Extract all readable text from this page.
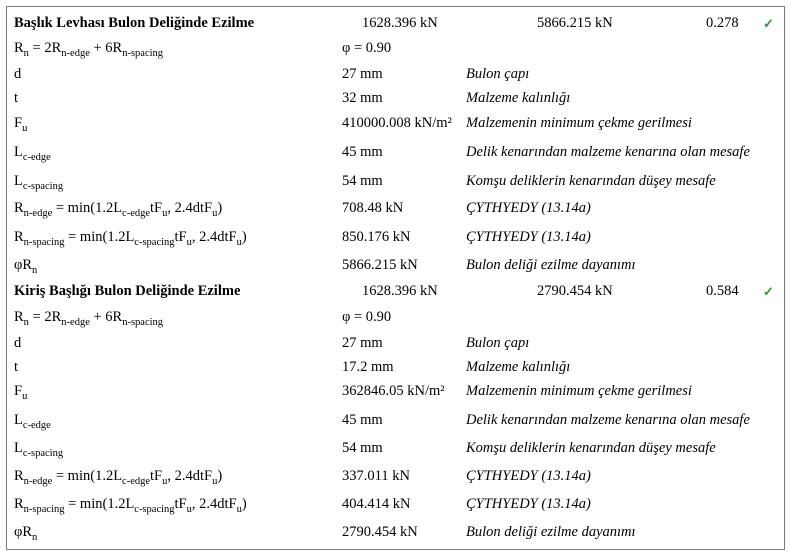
Başlık Levhası Bulon Deliğinde Ezilme	1628.396 kN	5866.215 kN	0.278 ✓
$R_n = 2R_{n-edge} + 6R_{n-spacing}$	φ = 0.90
d	27 mm	Bulon çapı
t	32 mm	Malzeme kalınlığı
$F_u$	410000.008 kN/m² Malzemenin minimum çekme gerilmesi
$L_{c-edge}$	45 mm	Delik kenarından malzeme kenarına olan mesafe
$L_{c-spacing}$	54 mm	Komşu deliklerin kenarından düşey mesafe
$R_{n-edge} = \min(1.2L_{c-edge}tF_u$, 2.4dtF$_u$)	708.48 kN	ÇYTHYEDY (13.14a)
$R_{n-spacing} = \min(1.2L_{c-spacing}tF_u$, 2.4dtF$_u$)	850.176 kN	ÇYTHYEDY (13.14a)
$\varphi R_n$	5866.215 kN	Bulon deliği ezilme dayanımı
Kiriş Başlığı Bulon Deliğinde Ezilme	1628.396 kN	2790.454 kN	0.584 ✓
$R_n = 2R_{n-edge} + 6R_{n-spacing}$	φ = 0.90
d	27 mm	Bulon çapı
t	17.2 mm	Malzeme kalınlığı
$F_u$	362846.05 kN/m² Malzemenin minimum çekme gerilmesi
$L_{c-edge}$	45 mm	Delik kenarından malzeme kenarına olan mesafe
$L_{c-spacing}$	54 mm	Komşu deliklerin kenarından düşey mesafe
$R_{n-edge} = \min(1.2L_{c-edge}tF_u$, 2.4dtF$_u$)	337.011 kN	ÇYTHYEDY (13.14a)
$R_{n-spacing} = \min(1.2L_{c-spacing}tF_u$, 2.4dtF$_u$)	404.414 kN	ÇYTHYEDY (13.14a)
$\varphi R_n$	2790.454 kN	Bulon deliği ezilme dayanımı
